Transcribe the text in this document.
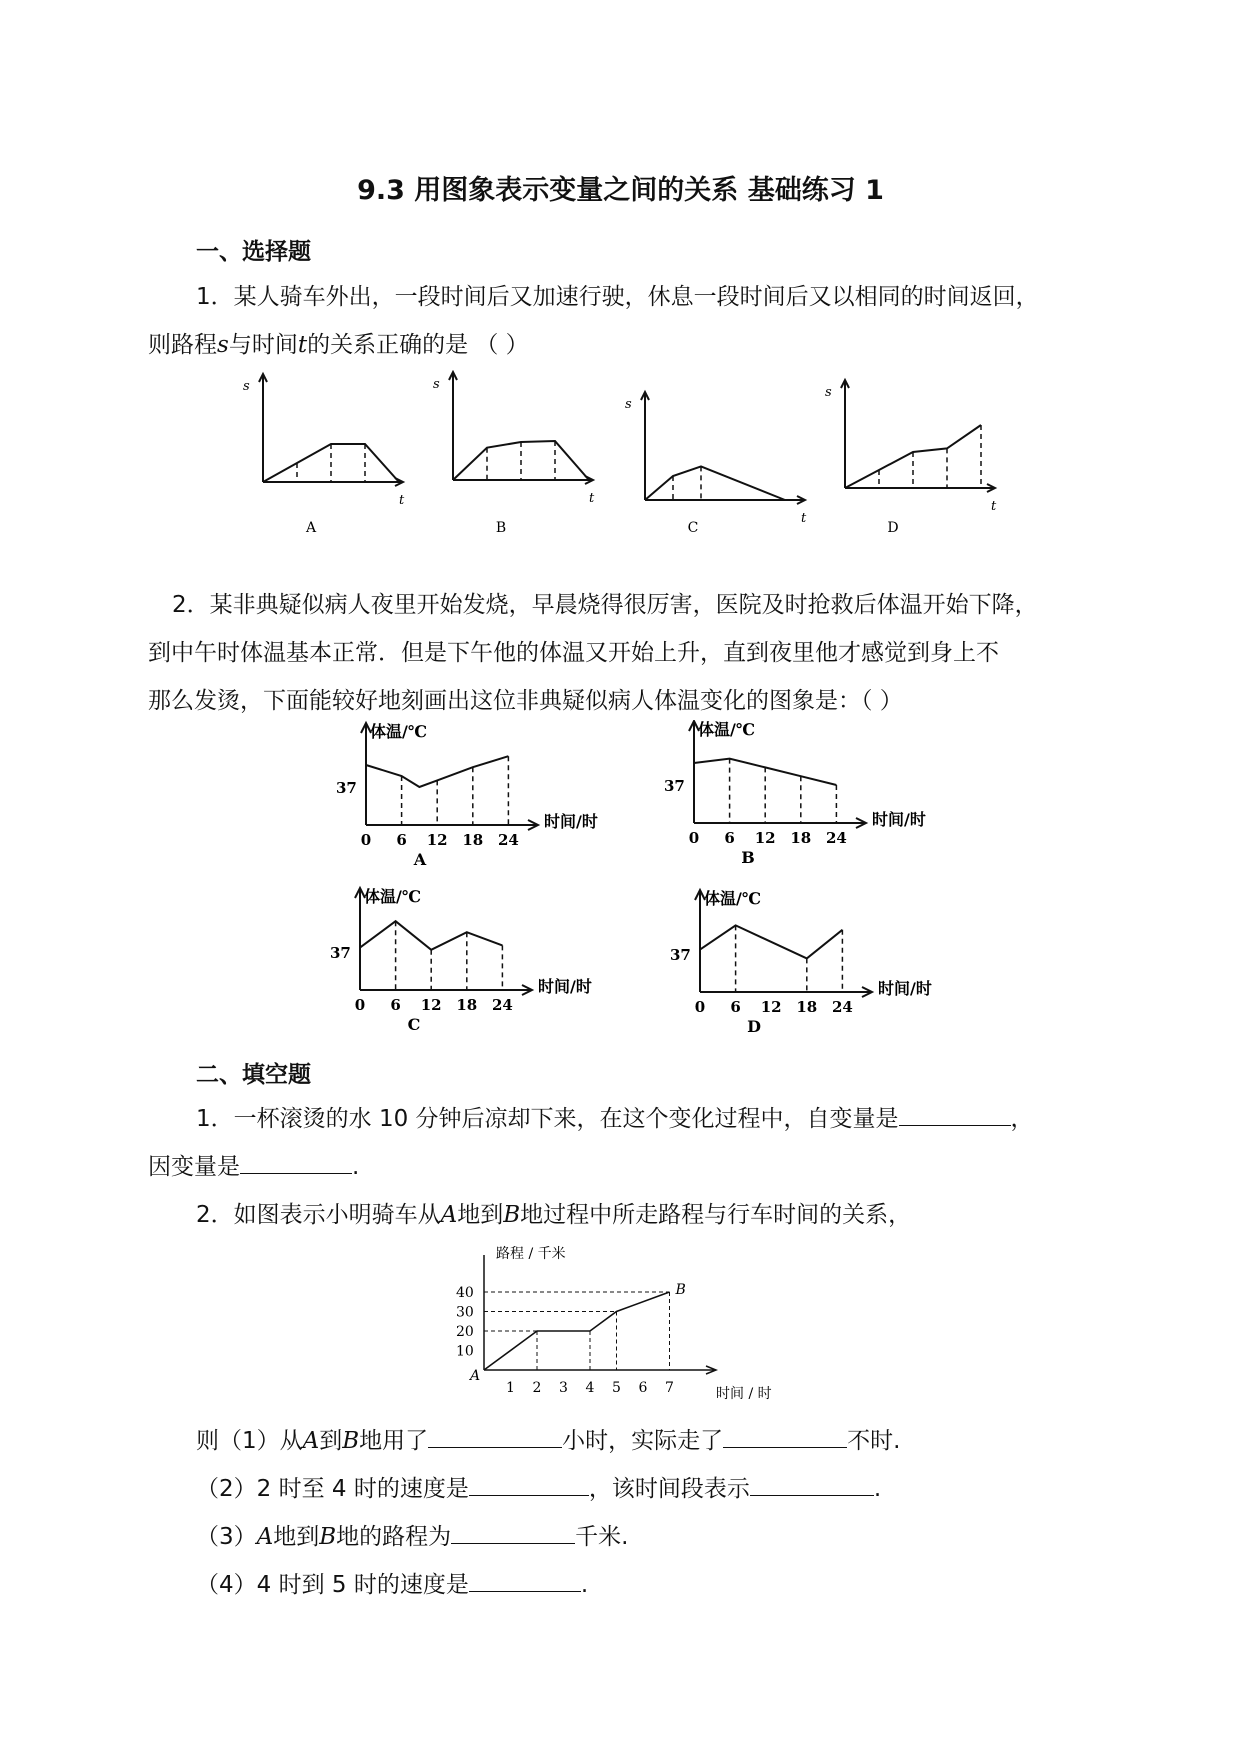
9.3 用图象表示变量之间的关系 基础练习 1
一、选择题
1．某人骑车外出，一段时间后又加速行驶，休息一段时间后又以相同的时间返回，
则路程s与时间t的关系正确的是 （ ）
s
t
A
s
t
B
s
t
C
s
t
D
2．某非典疑似病人夜里开始发烧，早晨烧得很厉害，医院及时抢救后体温开始下降，
到中午时体温基本正常．但是下午他的体温又开始上升，直到夜里他才感觉到身上不
那么发烫，下面能较好地刻画出这位非典疑似病人体温变化的图象是：（ ）
体温/℃
时间/时
37
0 6 12 18 24
A
体温/℃
时间/时
37
0 6 12 18 24
B
体温/℃
时间/时
37
0 6 12 18 24
C
体温/℃
时间/时
37
0 6 12 18 24
D
二、填空题
1．一杯滚烫的水 10 分钟后凉却下来，在这个变化过程中，自变量是	，
因变量是	.
2．如图表示小明骑车从A地到B地过程中所走路程与行车时间的关系，
路程 / 千米
时间 / 时
A
10
20
30
40
1 2 3 4 5 6 7
B
则（1）从A到B地用了	小时，实际走了	不时.
（2）2 时至 4 时的速度是	，该时间段表示	.
（3）A地到B地的路程为	千米.
（4）4 时到 5 时的速度是	.
